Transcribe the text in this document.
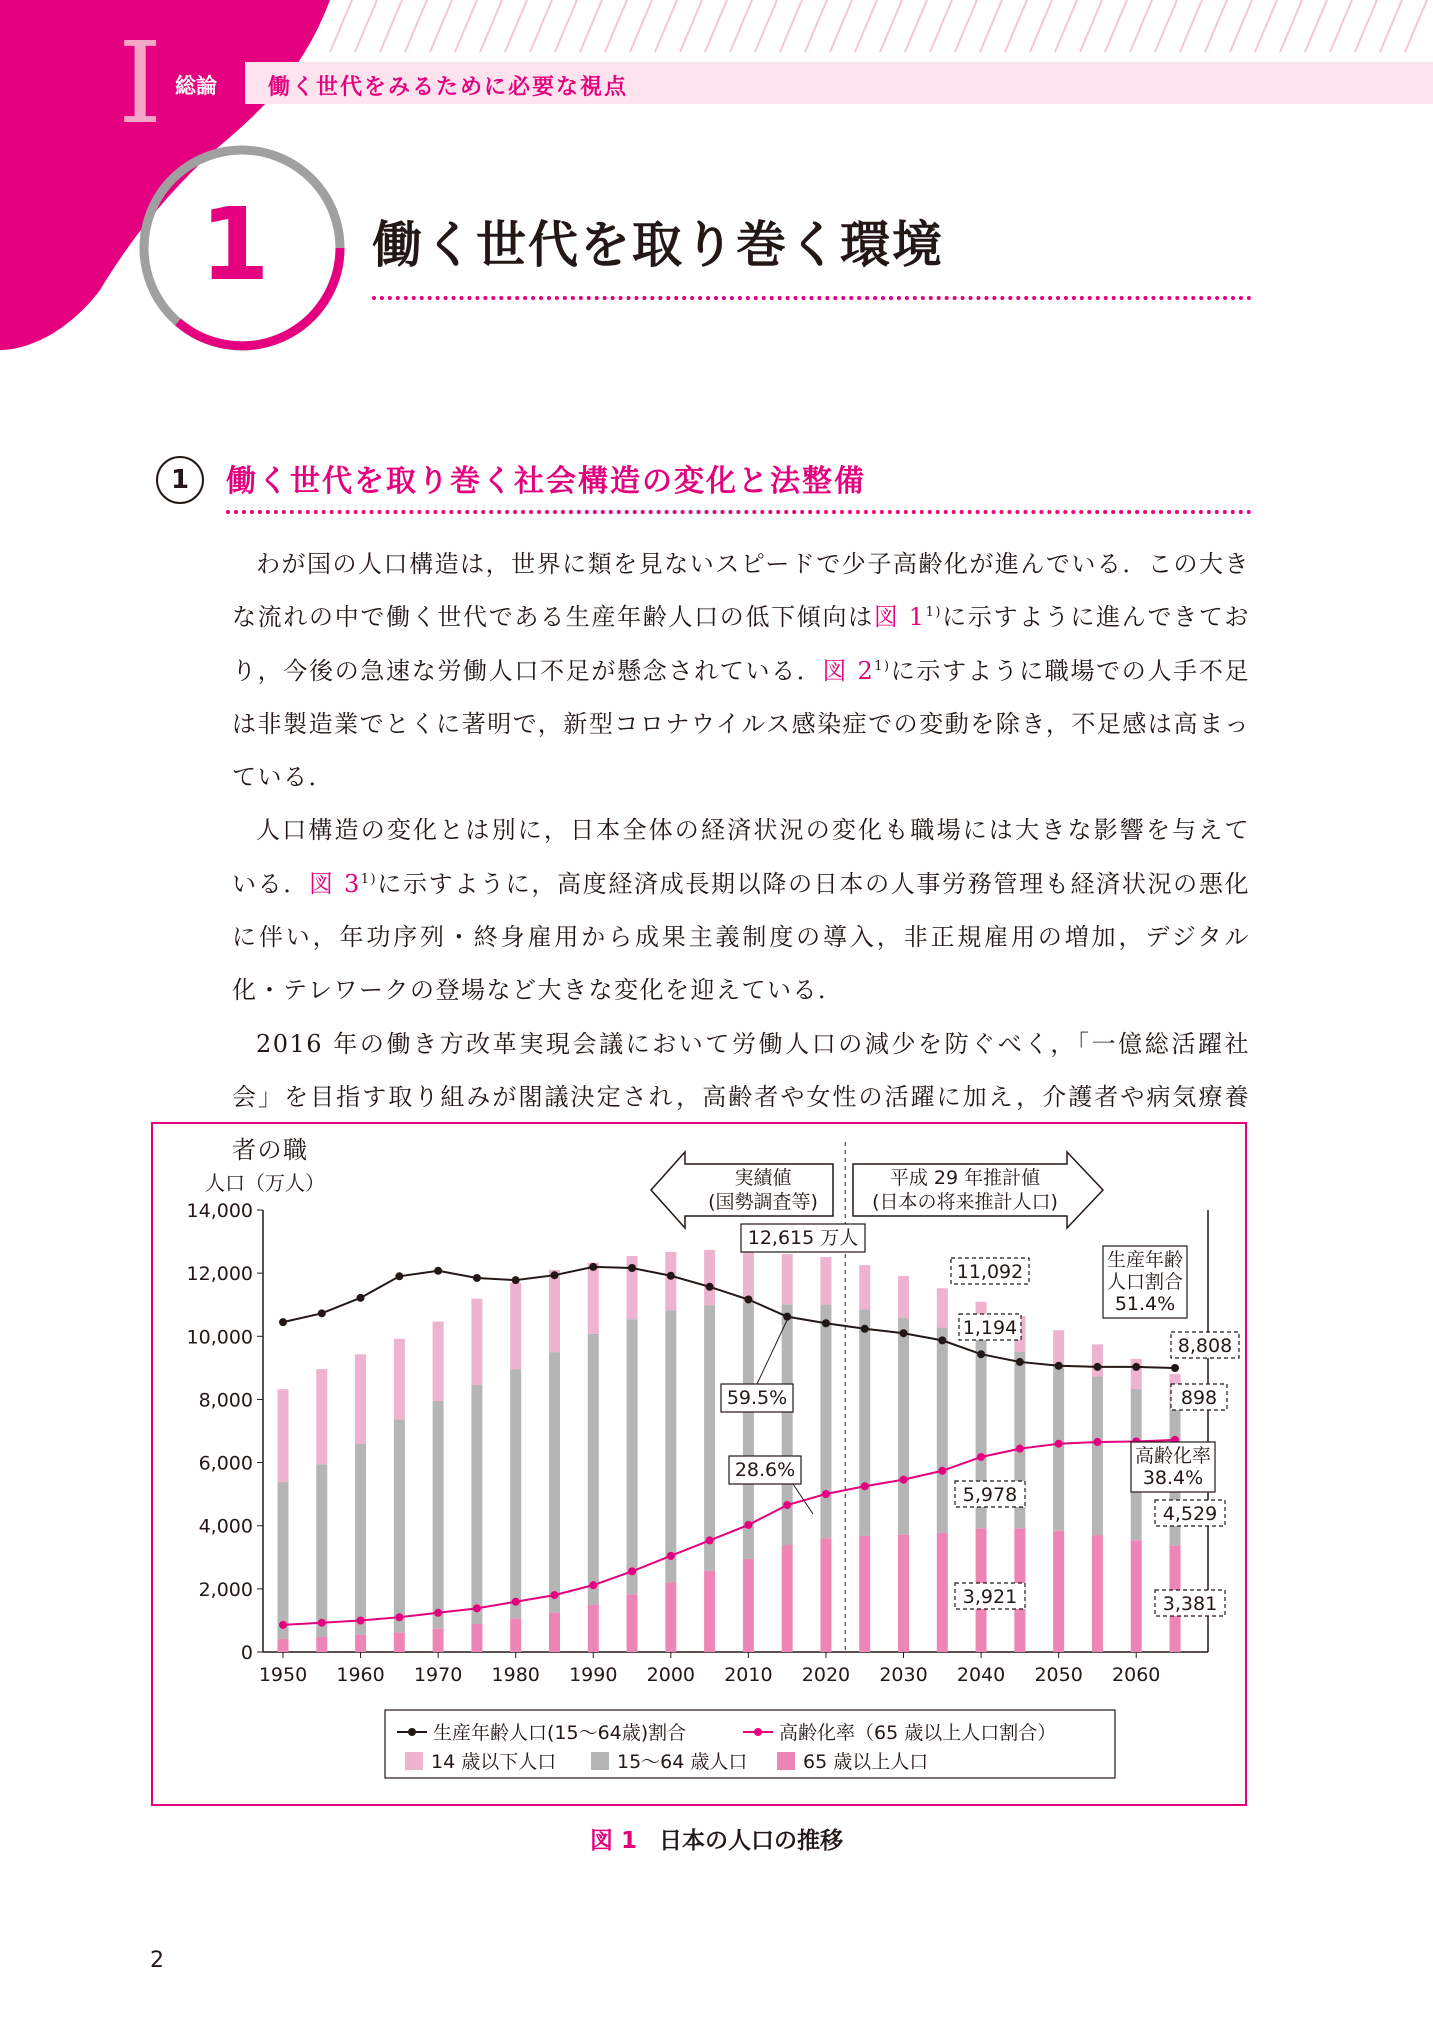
I 総論 働く世代をみるために必要な視点
1 働く世代を取り巻く環境
1	働く世代を取り巻く社会構造の変化と法整備

わが国の人口構造は，世界に類を見ないスピードで少子高齢化が進んでいる．この大きな流れの中で働く世代である生産年齢人口の低下傾向は図 1$^{1)}$に示すように進んできており，今後の急速な労働人口不足が懸念されている．図 2$^{1)}$に示すように職場での人手不足は非製造業でとくに著明で，新型コロナウイルス感染症での変動を除き，不足感は高まっている．

人口構造の変化とは別に，日本全体の経済状況の変化も職場には大きな影響を与えている．図 3$^{1)}$に示すように，高度経済成長期以降の日本の人事労務管理も経済状況の悪化に伴い，年功序列・終身雇用から成果主義制度の導入，非正規雇用の増加，デジタル化・テレワークの登場など大きな変化を迎えている．

2016 年の働き方改革実現会議において労働人口の減少を防ぐべく，「一億総活躍社会」を目指す取り組みが閣議決定され，高齢者や女性の活躍に加え，介護者や病気療養者の職

人口（万人）
0
2,000
4,000
6,000
8,000
10,000
12,000
14,000
1950 1960 1970 1980 1990 2000 2010 2020 2030 2040 2050 2060
実績値
(国勢調査等)
平成 29 年推計値
(日本の将来推計人口)
12,615 万人
59.5%
28.6%
11,092
1,194
5,978
3,921
生産年齢
人口割合
51.4%
8,808
898
高齢化率
38.4%
4,529
3,381
生産年齢人口(15〜64歳)割合	高齢化率（65 歳以上人口割合）
14 歳以下人口	15〜64 歳人口	65 歳以上人口
図 1 日本の人口の推移
2
